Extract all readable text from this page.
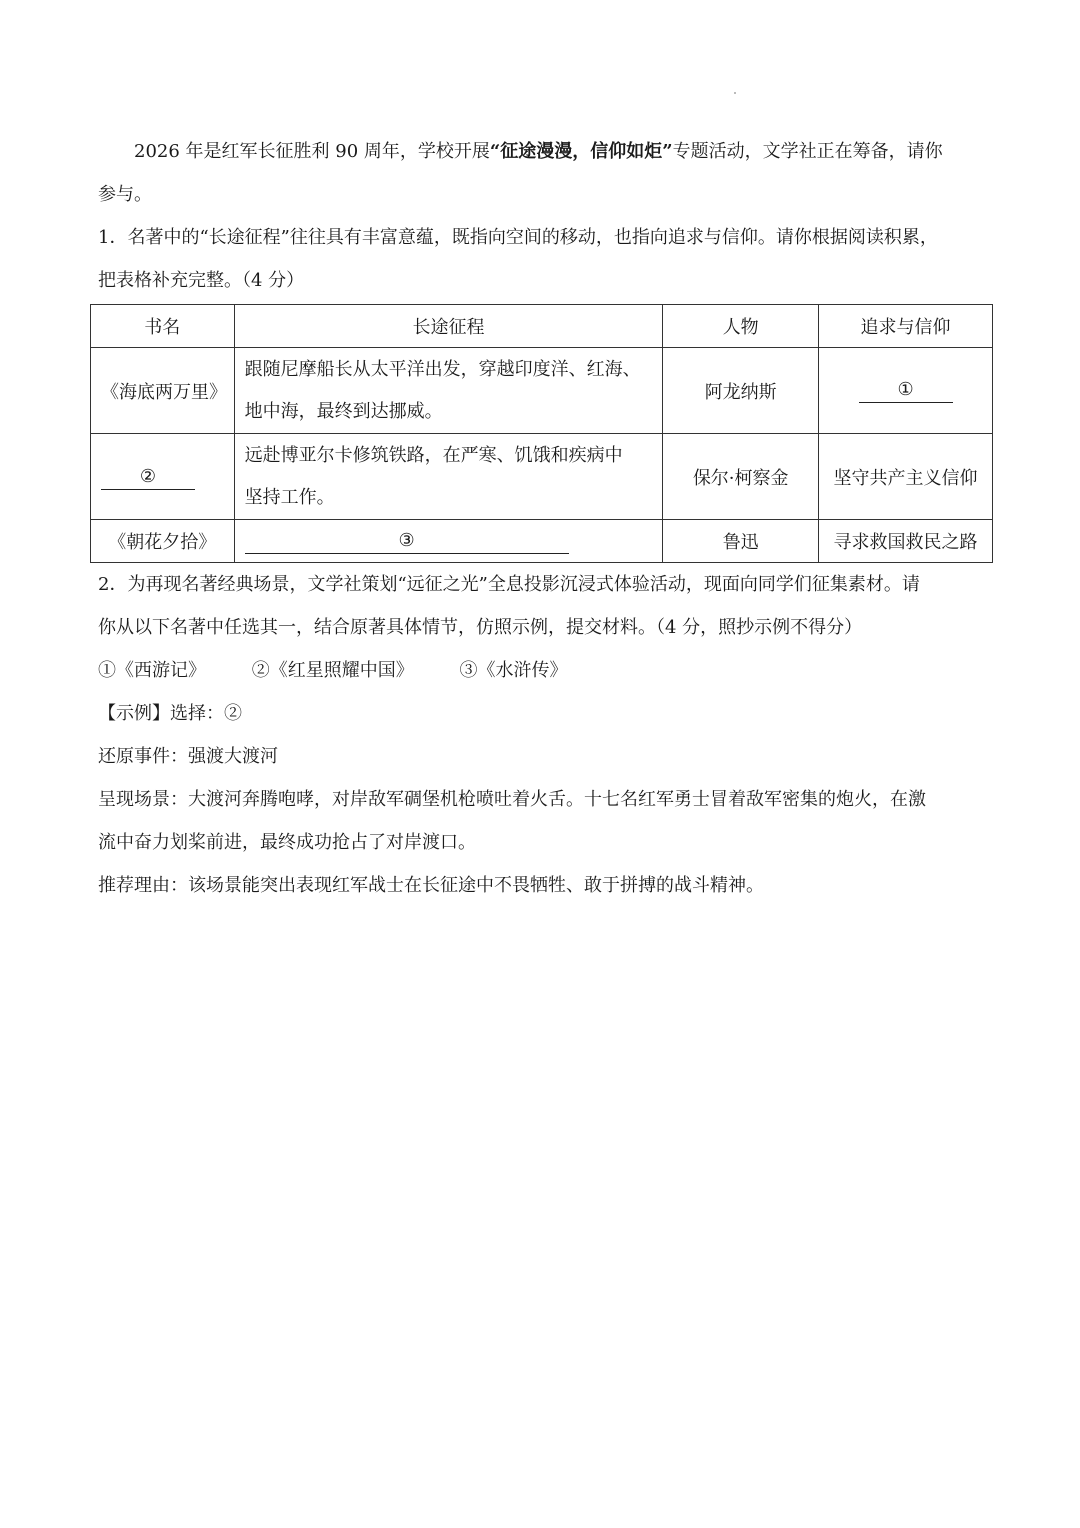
2026 年是红军长征胜利 90 周年，学校开展“征途漫漫，信仰如炬”专题活动，文学社正在筹备，请你
参与。
1．名著中的“长途征程”往往具有丰富意蕴，既指向空间的移动，也指向追求与信仰。请你根据阅读积累，
把表格补充完整。（4 分）
书名	长途征程	人物	追求与信仰
《海底两万里》	跟随尼摩船长从太平洋出发，穿越印度洋、红海、
地中海，最终到达挪威。	阿龙纳斯	①
②	远赴博亚尔卡修筑铁路，在严寒、饥饿和疾病中
坚持工作。	保尔·柯察金	坚守共产主义信仰
《朝花夕拾》	③	鲁迅	寻求救国救民之路
2．为再现名著经典场景，文学社策划“远征之光”全息投影沉浸式体验活动，现面向同学们征集素材。请
你从以下名著中任选其一，结合原著具体情节，仿照示例，提交材料。（4 分，照抄示例不得分）
①《西游记》	②《红星照耀中国》	③《水浒传》
【示例】选择：②
还原事件：强渡大渡河
呈现场景：大渡河奔腾咆哮，对岸敌军碉堡机枪喷吐着火舌。十七名红军勇士冒着敌军密集的炮火，在激
流中奋力划桨前进，最终成功抢占了对岸渡口。
推荐理由：该场景能突出表现红军战士在长征途中不畏牺牲、敢于拼搏的战斗精神。
